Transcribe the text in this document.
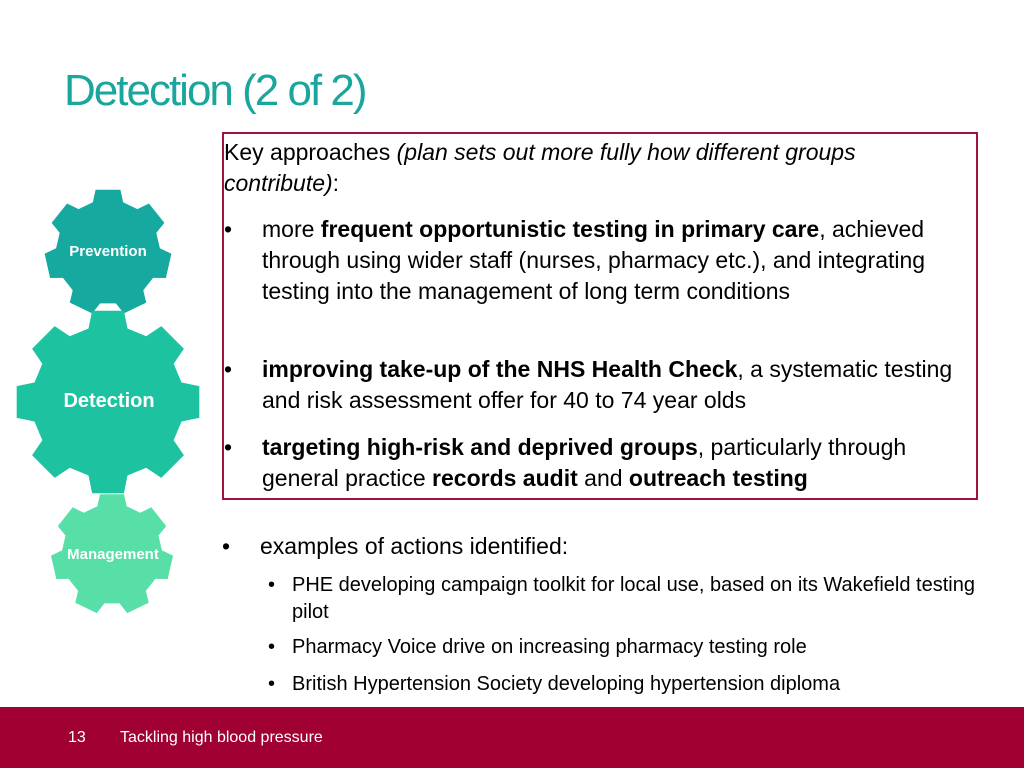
Detection (2 of 2)
Prevention
Detection
Management
Key approaches (plan sets out more fully how different groups contribute):
• more frequent opportunistic testing in primary care, achieved through using wider staff (nurses, pharmacy etc.), and integrating testing into the management of long term conditions
• improving take-up of the NHS Health Check, a systematic testing and risk assessment offer for 40 to 74 year olds
• targeting high-risk and deprived groups, particularly through general practice records audit and outreach testing
• examples of actions identified:
• PHE developing campaign toolkit for local use, based on its Wakefield testing pilot
• Pharmacy Voice drive on increasing pharmacy testing role
• British Hypertension Society developing hypertension diploma
13 Tackling high blood pressure
